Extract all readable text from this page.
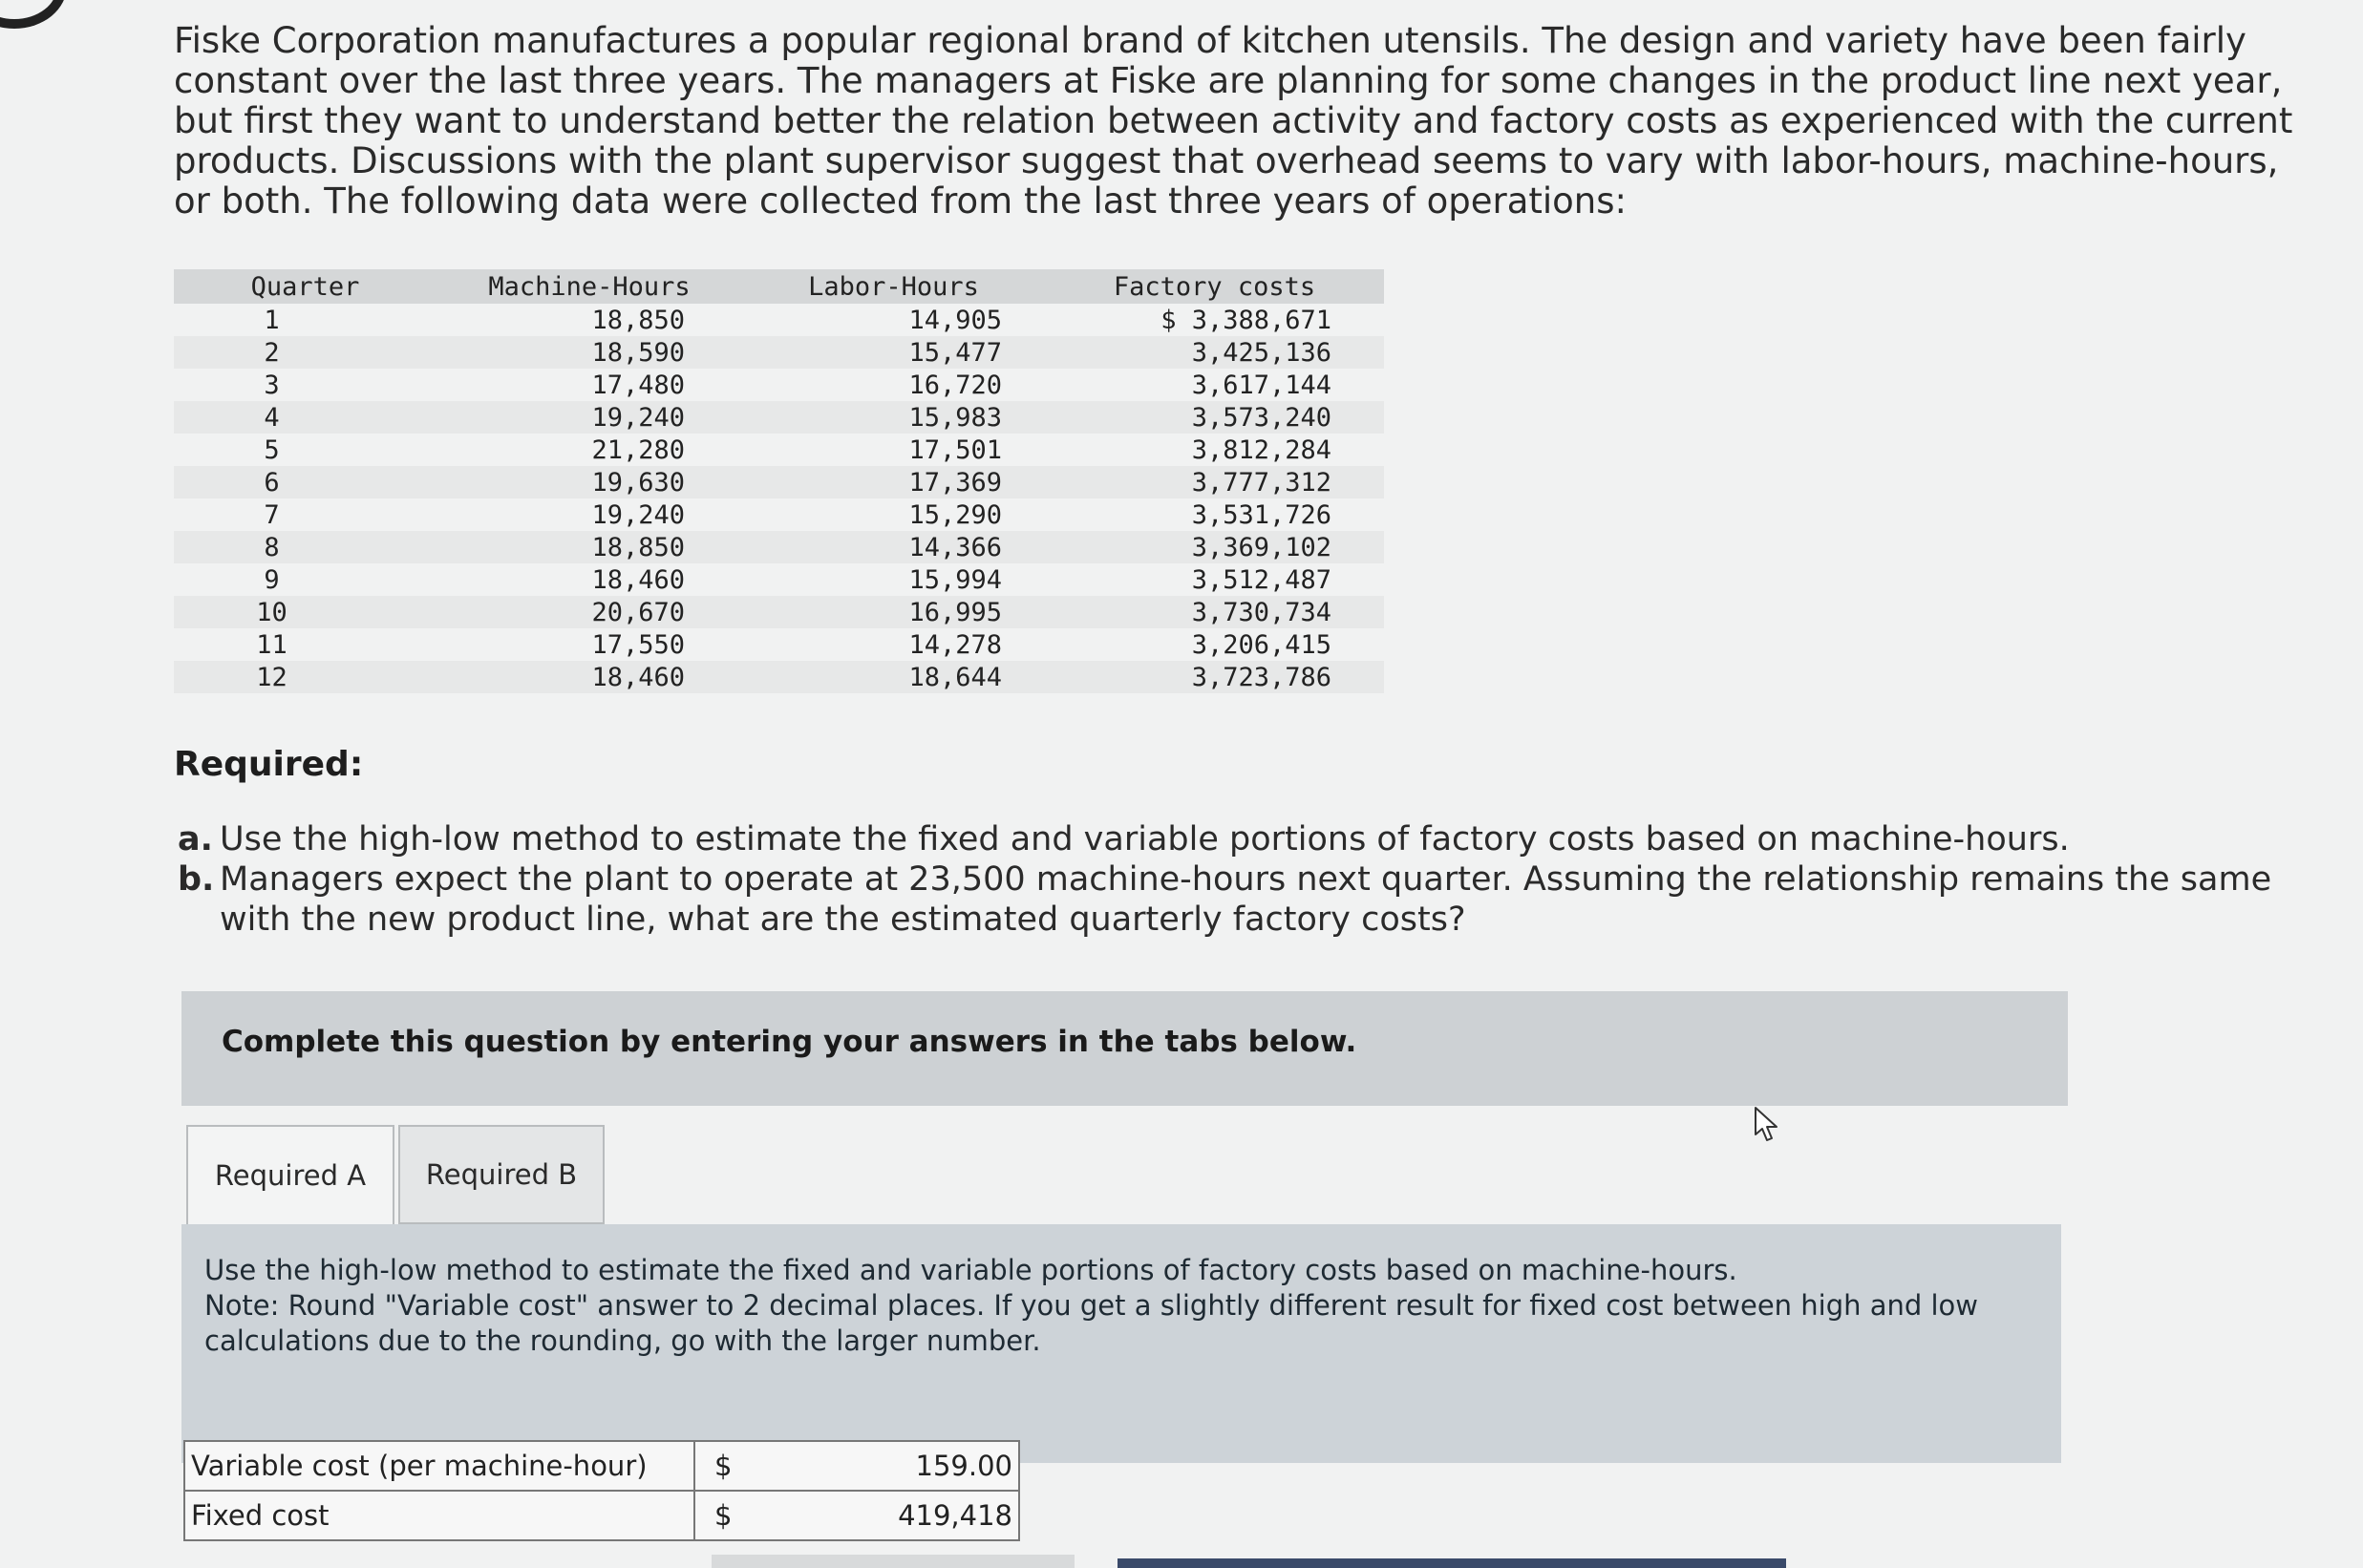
Fiske Corporation manufactures a popular regional brand of kitchen utensils. The design and variety have been fairly constant over the last three years. The managers at Fiske are planning for some changes in the product line next year, but first they want to understand better the relation between activity and factory costs as experienced with the current products. Discussions with the plant supervisor suggest that overhead seems to vary with labor-hours, machine-hours, or both. The following data were collected from the last three years of operations:
Quarter	Machine-Hours	Labor-Hours	Factory costs
1	18,850	14,905	$ 3,388,671
2	18,590	15,477	3,425,136
3	17,480	16,720	3,617,144
4	19,240	15,983	3,573,240
5	21,280	17,501	3,812,284
6	19,630	17,369	3,777,312
7	19,240	15,290	3,531,726
8	18,850	14,366	3,369,102
9	18,460	15,994	3,512,487
10	20,670	16,995	3,730,734
11	17,550	14,278	3,206,415
12	18,460	18,644	3,723,786
Required:
a. Use the high-low method to estimate the fixed and variable portions of factory costs based on machine-hours.
b. Managers expect the plant to operate at 23,500 machine-hours next quarter. Assuming the relationship remains the same with the new product line, what are the estimated quarterly factory costs?
Complete this question by entering your answers in the tabs below.
Required A	Required B
Use the high-low method to estimate the fixed and variable portions of factory costs based on machine-hours.
Note: Round "Variable cost" answer to 2 decimal places. If you get a slightly different result for fixed cost between high and low calculations due to the rounding, go with the larger number.
Variable cost (per machine-hour)	$	159.00
Fixed cost	$	419,418
